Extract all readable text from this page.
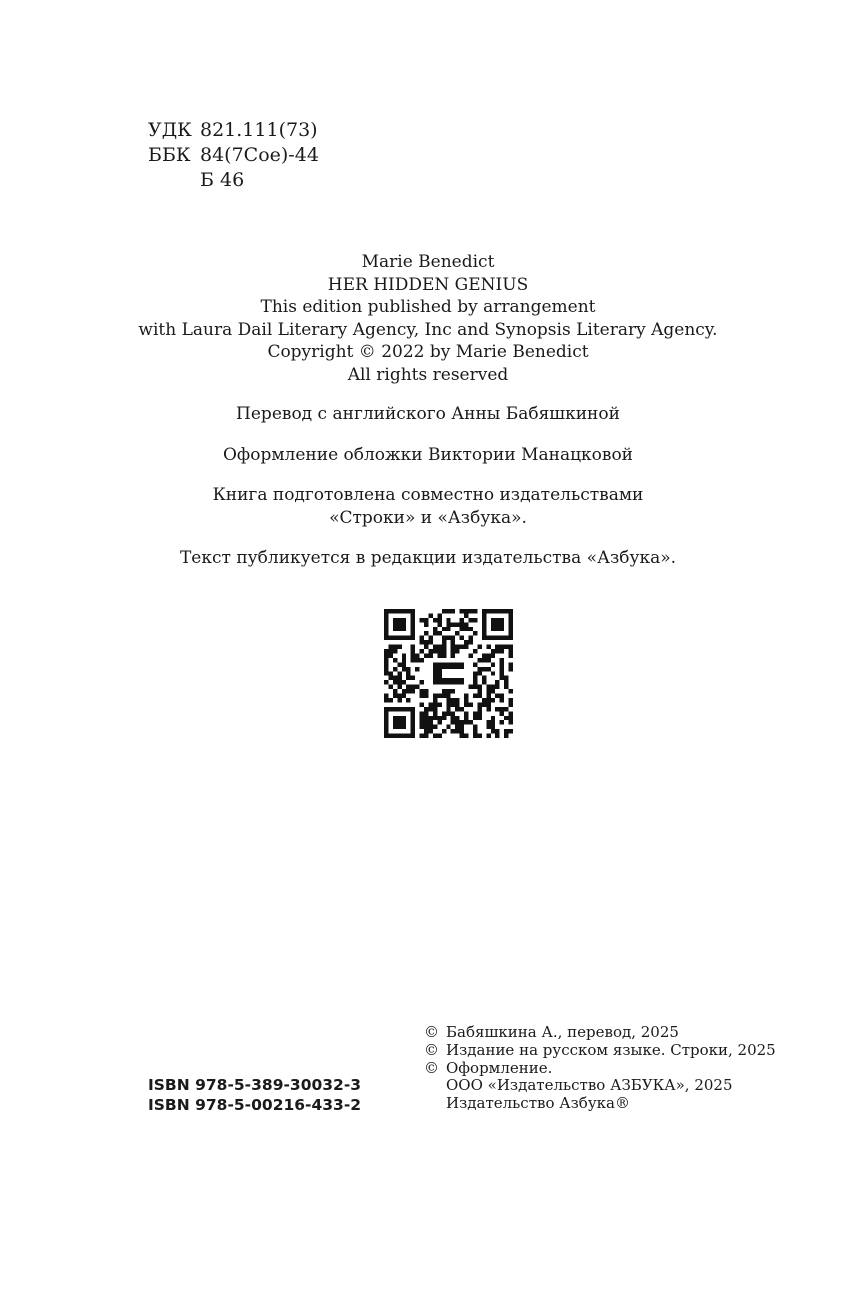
УДК 821.111(73)
ББК 84(7Сое)-44
Б 46
Marie Benedict
HER HIDDEN GENIUS
This edition published by arrangement
with Laura Dail Literary Agency, Inc and Synopsis Literary Agency.
Copyright © 2022 by Marie Benedict
All rights reserved
Перевод с английского Анны Бабяшкиной
Оформление обложки Виктории Манацковой
Книга подготовлена совместно издательствами
«Строки» и «Азбука».
Текст публикуется в редакции издательства «Азбука».
ISBN 978-5-389-30032-3
ISBN 978-5-00216-433-2
© Бабяшкина А., перевод, 2025
© Издание на русском языке. Строки, 2025
© Оформление.
ООО «Издательство АЗБУКА», 2025
Издательство Азбука®
